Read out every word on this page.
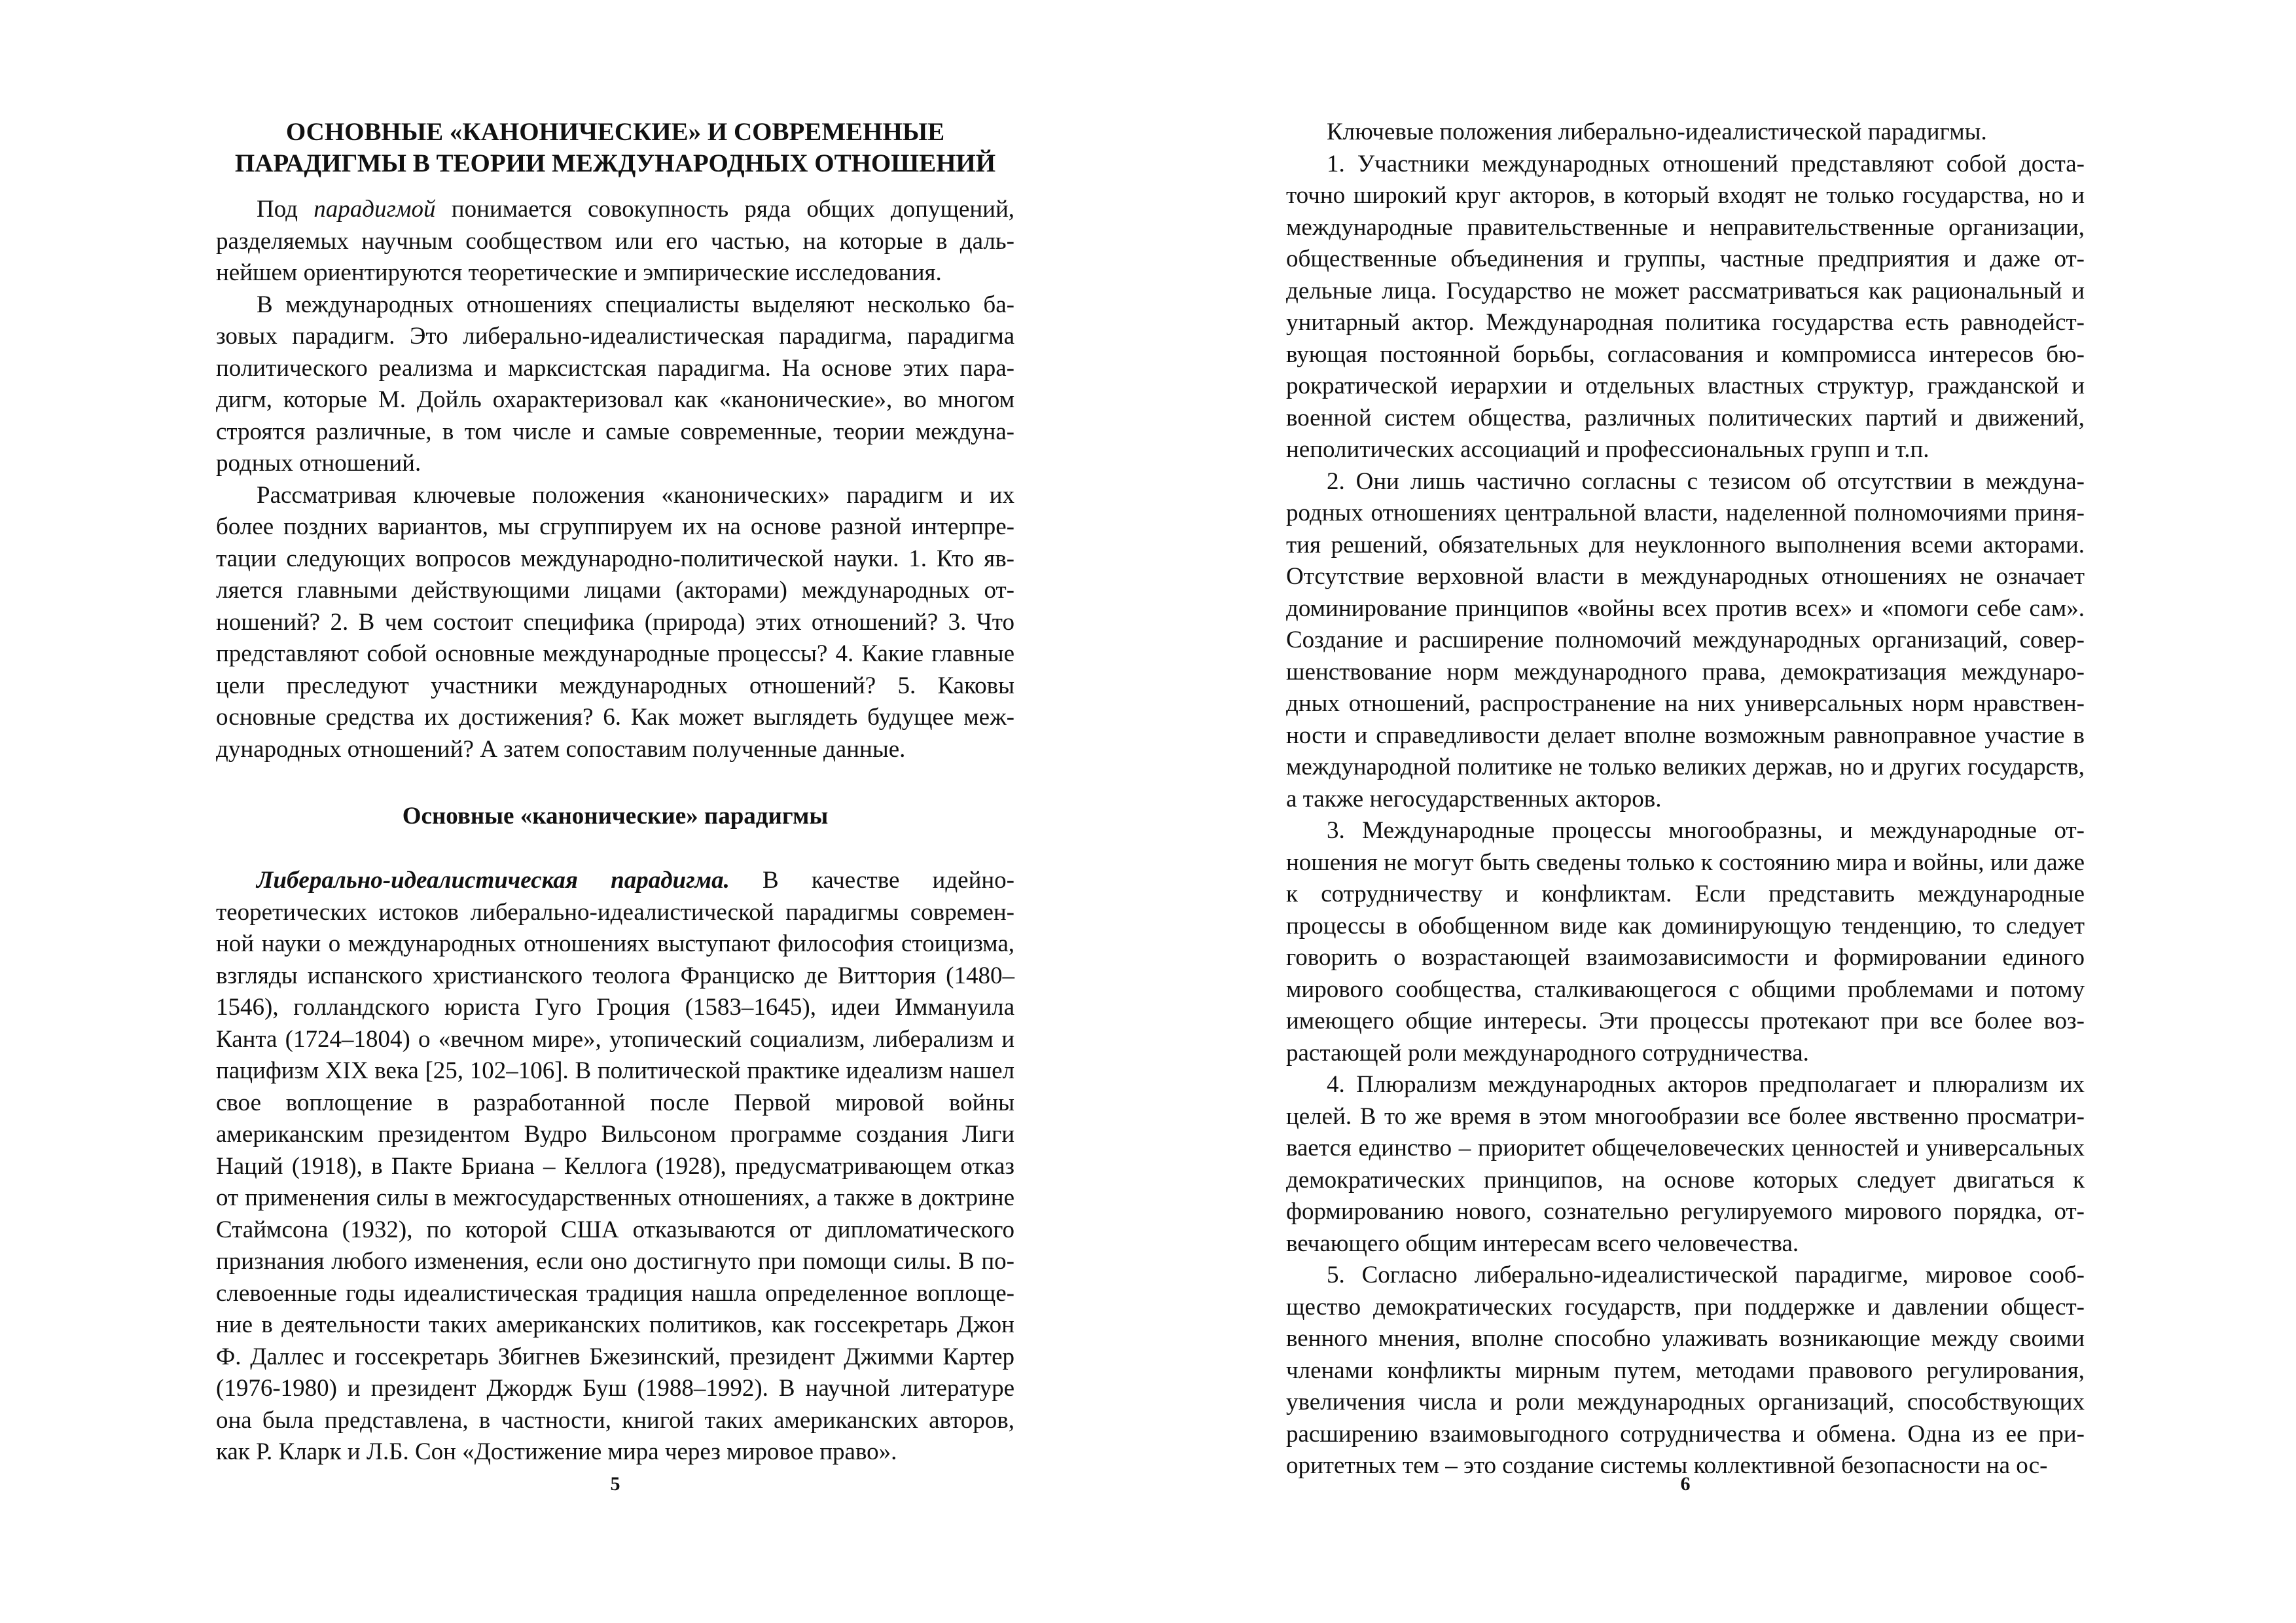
ОСНОВНЫЕ «КАНОНИЧЕСКИЕ» И СОВРЕМЕННЫЕ
ПАРАДИГМЫ В ТЕОРИИ МЕЖДУНАРОДНЫХ ОТНОШЕНИЙ

Под парадигмой понимается совокупность ряда общих допущений, разделяемых научным сообществом или его частью, на которые в дальнейшем ориентируются теоретические и эмпирические исследования.

В международных отношениях специалисты выделяют несколько базовых парадигм. Это либерально-идеалистическая парадигма, парадигма политического реализма и марксистская парадигма. На основе этих парадигм, которые М. Дойль охарактеризовал как «канонические», во многом строятся различные, в том числе и самые современные, теории международных отношений.

Рассматривая ключевые положения «канонических» парадигм и их более поздних вариантов, мы сгруппируем их на основе разной интерпретации следующих вопросов международно-политической науки. 1. Кто является главными действующими лицами (акторами) международных отношений? 2. В чем состоит специфика (природа) этих отношений? 3. Что представляют собой основные международные процессы? 4. Какие главные цели преследуют участники международных отношений? 5. Каковы основные средства их достижения? 6. Как может выглядеть будущее международных отношений? А затем сопоставим полученные данные.

Основные «канонические» парадигмы

Либерально-идеалистическая парадигма. В качестве идейно-теоретических истоков либерально-идеалистической парадигмы современной науки о международных отношениях выступают философия стоицизма, взгляды испанского христианского теолога Франциско де Виттория (1480–1546), голландского юриста Гуго Гроция (1583–1645), идеи Иммануила Канта (1724–1804) о «вечном мире», утопический социализм, либерализм и пацифизм XIX века [25, 102–106]. В политической практике идеализм нашел свое воплощение в разработанной после Первой мировой войны американским президентом Вудро Вильсоном программе создания Лиги Наций (1918), в Пакте Бриана – Келлога (1928), предусматривающем отказ от применения силы в межгосударственных отношениях, а также в доктрине Стаймсона (1932), по которой США отказываются от дипломатического признания любого изменения, если оно достигнуто при помощи силы. В послевоенные годы идеалистическая традиция нашла определенное воплощение в деятельности таких американских политиков, как госсекретарь Джон Ф. Даллес и госсекретарь Збигнев Бжезинский, президент Джимми Картер (1976-1980) и президент Джордж Буш (1988–1992). В научной литературе она была представлена, в частности, книгой таких американских авторов, как Р. Кларк и Л.Б. Сон «Достижение мира через мировое право».

5

Ключевые положения либерально-идеалистической парадигмы.

1. Участники международных отношений представляют собой достаточно широкий круг акторов, в который входят не только государства, но и международные правительственные и неправительственные организации, общественные объединения и группы, частные предприятия и даже отдельные лица. Государство не может рассматриваться как рациональный и унитарный актор. Международная политика государства есть равнодействующая постоянной борьбы, согласования и компромисса интересов бюрократической иерархии и отдельных властных структур, гражданской и военной систем общества, различных политических партий и движений, неполитических ассоциаций и профессиональных групп и т.п.

2. Они лишь частично согласны с тезисом об отсутствии в международных отношениях центральной власти, наделенной полномочиями принятия решений, обязательных для неуклонного выполнения всеми акторами. Отсутствие верховной власти в международных отношениях не означает доминирование принципов «войны всех против всех» и «помоги себе сам». Создание и расширение полномочий международных организаций, совершенствование норм международного права, демократизация международных отношений, распространение на них универсальных норм нравственности и справедливости делает вполне возможным равноправное участие в международной политике не только великих держав, но и других государств, а также негосударственных акторов.

3. Международные процессы многообразны, и международные отношения не могут быть сведены только к состоянию мира и войны, или даже к сотрудничеству и конфликтам. Если представить международные процессы в обобщенном виде как доминирующую тенденцию, то следует говорить о возрастающей взаимозависимости и формировании единого мирового сообщества, сталкивающегося с общими проблемами и потому имеющего общие интересы. Эти процессы протекают при все более возрастающей роли международного сотрудничества.

4. Плюрализм международных акторов предполагает и плюрализм их целей. В то же время в этом многообразии все более явственно просматривается единство – приоритет общечеловеческих ценностей и универсальных демократических принципов, на основе которых следует двигаться к формированию нового, сознательно регулируемого мирового порядка, отвечающего общим интересам всего человечества.

5. Согласно либерально-идеалистической парадигме, мировое сообщество демократических государств, при поддержке и давлении общественного мнения, вполне способно улаживать возникающие между своими членами конфликты мирным путем, методами правового регулирования, увеличения числа и роли международных организаций, способствующих расширению взаимовыгодного сотрудничества и обмена. Одна из ее приоритетных тем – это создание системы коллективной безопасности на ос-

6
